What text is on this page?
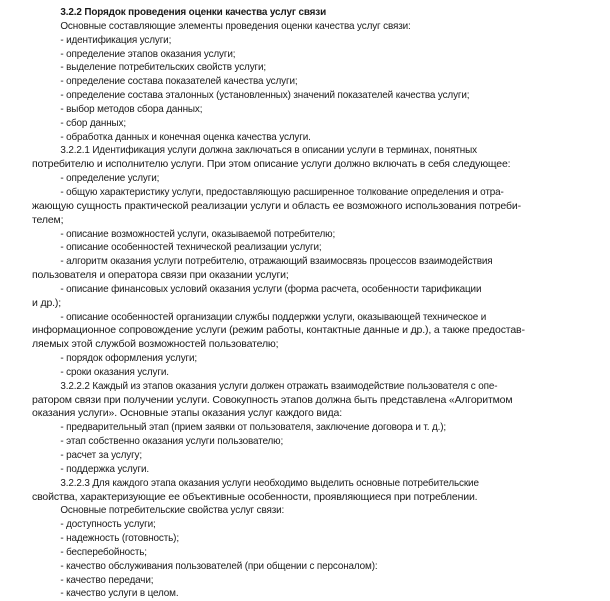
3.2.2 Порядок проведения оценки качества услуг связи
Основные составляющие элементы проведения оценки качества услуг связи:
- идентификация услуги;
- определение этапов оказания услуги;
- выделение потребительских свойств услуги;
- определение состава показателей качества услуги;
- определение состава эталонных (установленных) значений показателей качества услуги;
- выбор методов сбора данных;
- сбор данных;
- обработка данных и конечная оценка качества услуги.
3.2.2.1 Идентификация услуги должна заключаться в описании услуги в терминах, понятных
потребителю и исполнителю услуги. При этом описание услуги должно включать в себя следующее:
- определение услуги;
- общую характеристику услуги, предоставляющую расширенное толкование определения и отра-
жающую сущность практической реализации услуги и область ее возможного использования потреби-
телем;
- описание возможностей услуги, оказываемой потребителю;
- описание особенностей технической реализации услуги;
- алгоритм оказания услуги потребителю, отражающий взаимосвязь процессов взаимодействия
пользователя и оператора связи при оказании услуги;
- описание финансовых условий оказания услуги (форма расчета, особенности тарификации
и др.);
- описание особенностей организации службы поддержки услуги, оказывающей техническое и
информационное сопровождение услуги (режим работы, контактные данные и др.), а также предостав-
ляемых этой службой возможностей пользователю;
- порядок оформления услуги;
- сроки оказания услуги.
3.2.2.2 Каждый из этапов оказания услуги должен отражать взаимодействие пользователя с опе-
ратором связи при получении услуги. Совокупность этапов должна быть представлена «Алгоритмом
оказания услуги». Основные этапы оказания услуг каждого вида:
- предварительный этап (прием заявки от пользователя, заключение договора и т. д.);
- этап собственно оказания услуги пользователю;
- расчет за услугу;
- поддержка услуги.
3.2.2.3 Для каждого этапа оказания услуги необходимо выделить основные потребительские
свойства, характеризующие ее объективные особенности, проявляющиеся при потреблении.
Основные потребительские свойства услуг связи:
- доступность услуги;
- надежность (готовность);
- бесперебойность;
- качество обслуживания пользователей (при общении с персоналом):
- качество передачи;
- качество услуги в целом.
